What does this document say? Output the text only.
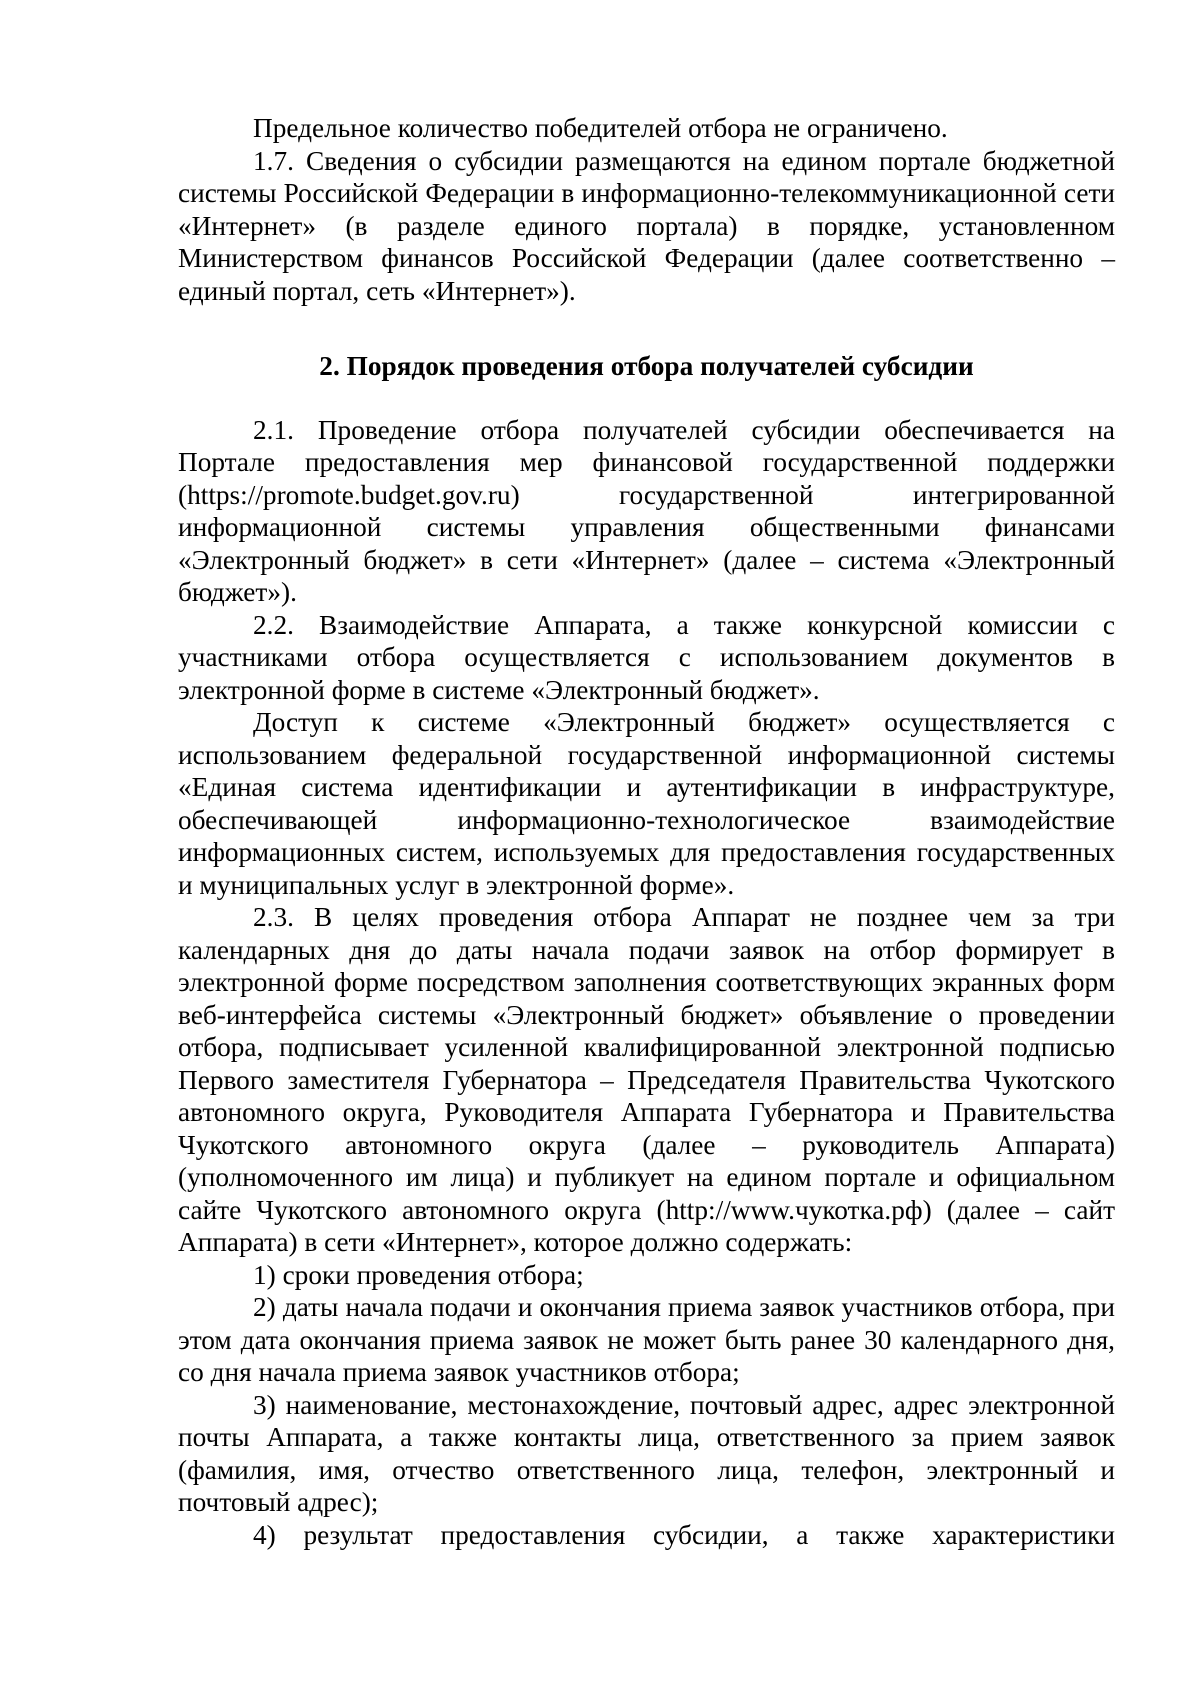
Предельное количество победителей отбора не ограничено.

1.7. Сведения о субсидии размещаются на едином портале бюджетной системы Российской Федерации в информационно-телекоммуникационной сети «Интернет» (в разделе единого портала) в порядке, установленном Министерством финансов Российской Федерации (далее соответственно – единый портал, сеть «Интернет»).

2. Порядок проведения отбора получателей субсидии

2.1. Проведение отбора получателей субсидии обеспечивается на Портале предоставления мер финансовой государственной поддержки (https://promote.budget.gov.ru) государственной интегрированной информационной системы управления общественными финансами «Электронный бюджет» в сети «Интернет» (далее – система «Электронный бюджет»).

2.2. Взаимодействие Аппарата, а также конкурсной комиссии с участниками отбора осуществляется с использованием документов в электронной форме в системе «Электронный бюджет».

Доступ к системе «Электронный бюджет» осуществляется с использованием федеральной государственной информационной системы «Единая система идентификации и аутентификации в инфраструктуре, обеспечивающей информационно-технологическое взаимодействие информационных систем, используемых для предоставления государственных и муниципальных услуг в электронной форме».

2.3. В целях проведения отбора Аппарат не позднее чем за три календарных дня до даты начала подачи заявок на отбор формирует в электронной форме посредством заполнения соответствующих экранных форм веб-интерфейса системы «Электронный бюджет» объявление о проведении отбора, подписывает усиленной квалифицированной электронной подписью Первого заместителя Губернатора – Председателя Правительства Чукотского автономного округа, Руководителя Аппарата Губернатора и Правительства Чукотского автономного округа (далее – руководитель Аппарата) (уполномоченного им лица) и публикует на едином портале и официальном сайте Чукотского автономного округа (http://www.чукотка.рф) (далее – сайт Аппарата) в сети «Интернет», которое должно содержать:

1) сроки проведения отбора;

2) даты начала подачи и окончания приема заявок участников отбора, при этом дата окончания приема заявок не может быть ранее 30 календарного дня, со дня начала приема заявок участников отбора;

3) наименование, местонахождение, почтовый адрес, адрес электронной почты Аппарата, а также контакты лица, ответственного за прием заявок (фамилия, имя, отчество ответственного лица, телефон, электронный и почтовый адрес);

4) результат предоставления субсидии, а также характеристики
